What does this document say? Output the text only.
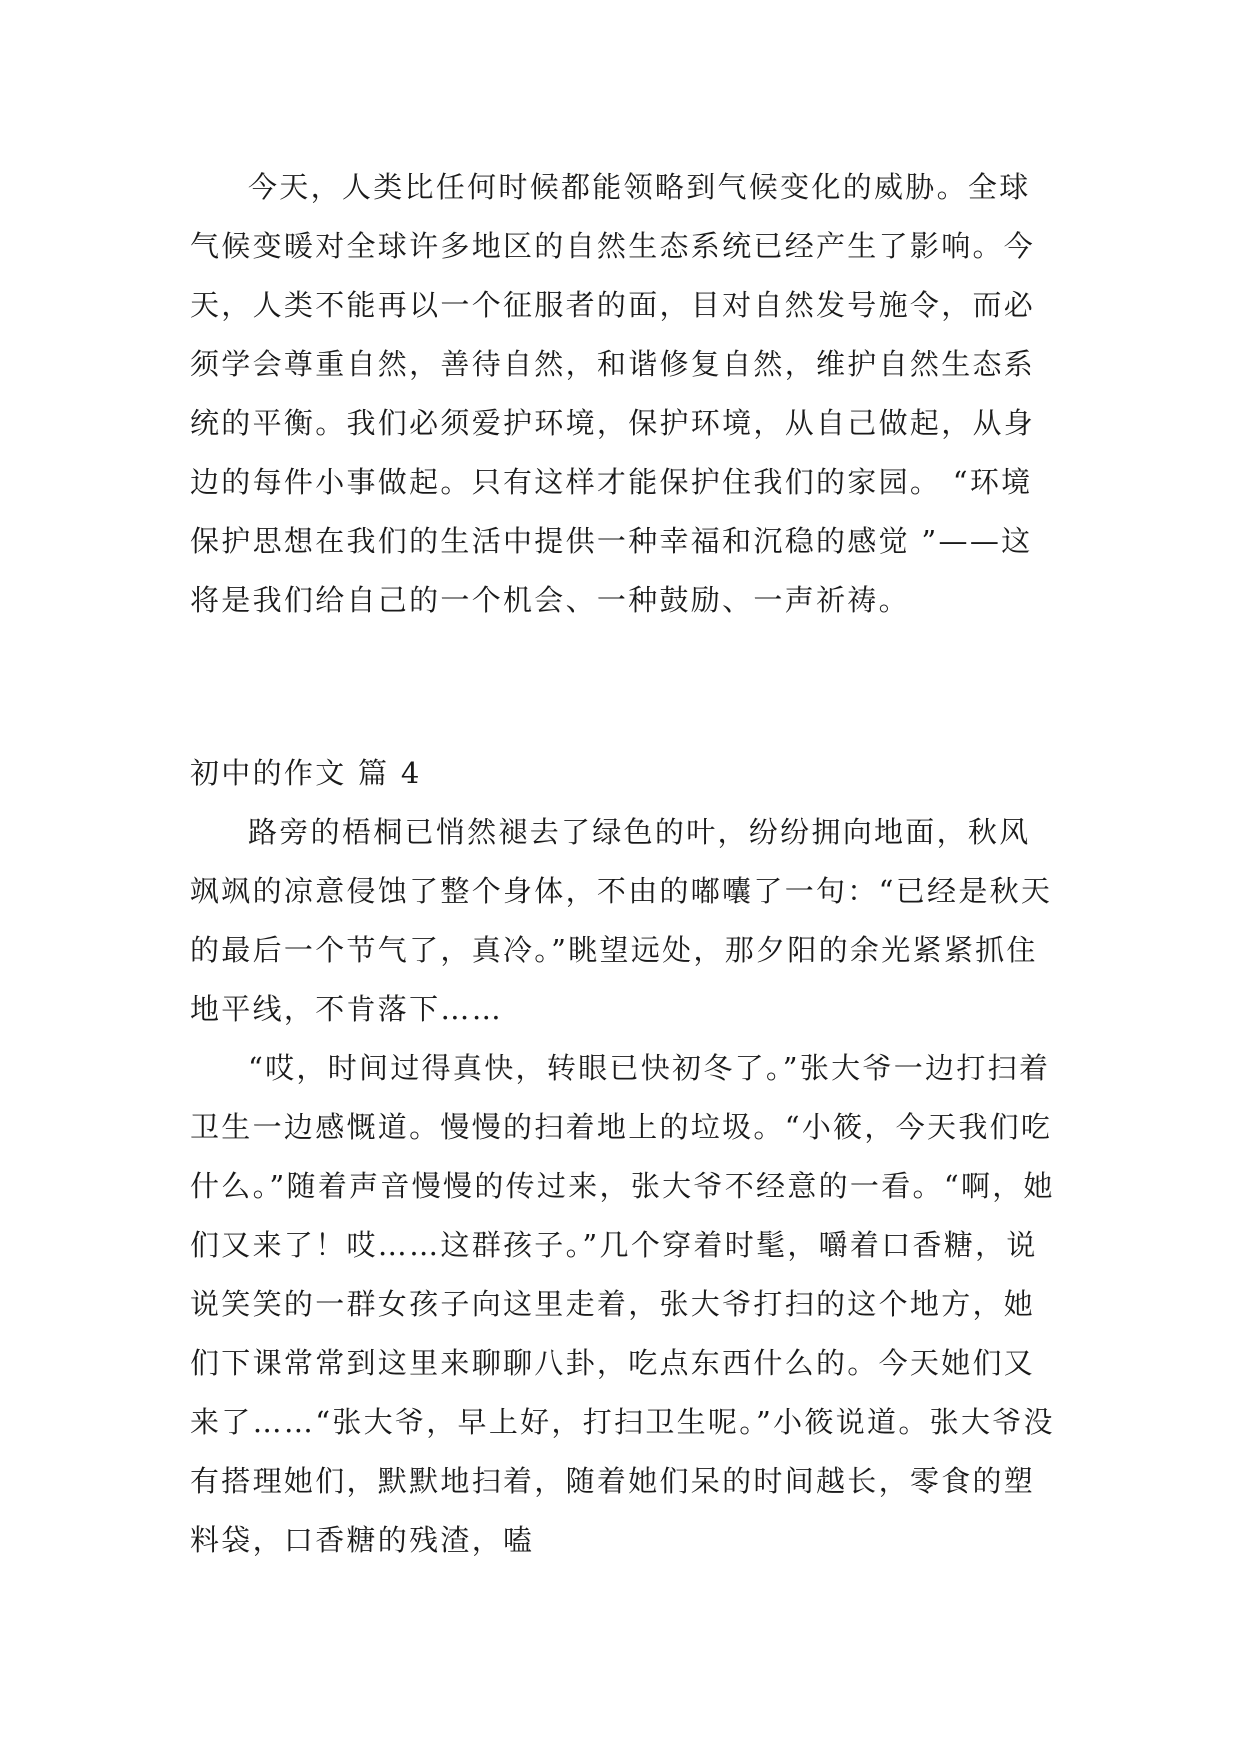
今天，人类比任何时候都能领略到气候变化的威胁。全球气候变暖对全球许多地区的自然生态系统已经产生了影响。今天，人类不能再以一个征服者的面，目对自然发号施令，而必须学会尊重自然，善待自然，和谐修复自然，维护自然生态系统的平衡。我们必须爱护环境，保护环境，从自己做起，从身边的每件小事做起。只有这样才能保护住我们的家园。 “环境保护思想在我们的生活中提供一种幸福和沉稳的感觉 ”——这将是我们给自己的一个机会、一种鼓励、一声祈祷。

初中的作文 篇 4

路旁的梧桐已悄然褪去了绿色的叶，纷纷拥向地面，秋风飒飒的凉意侵蚀了整个身体，不由的嘟囔了一句：“已经是秋天的最后一个节气了，真冷。”眺望远处，那夕阳的余光紧紧抓住地平线，不肯落下……

“哎，时间过得真快，转眼已快初冬了。”张大爷一边打扫着卫生一边感慨道。慢慢的扫着地上的垃圾。“小筱，今天我们吃什么。”随着声音慢慢的传过来，张大爷不经意的一看。“啊，她们又来了！哎……这群孩子。”几个穿着时髦，嚼着口香糖，说说笑笑的一群女孩子向这里走着，张大爷打扫的这个地方，她们下课常常到这里来聊聊八卦，吃点东西什么的。今天她们又来了……“张大爷，早上好，打扫卫生呢。”小筱说道。张大爷没有搭理她们，默默地扫着，随着她们呆的时间越长，零食的塑料袋，口香糖的残渣，嗑
